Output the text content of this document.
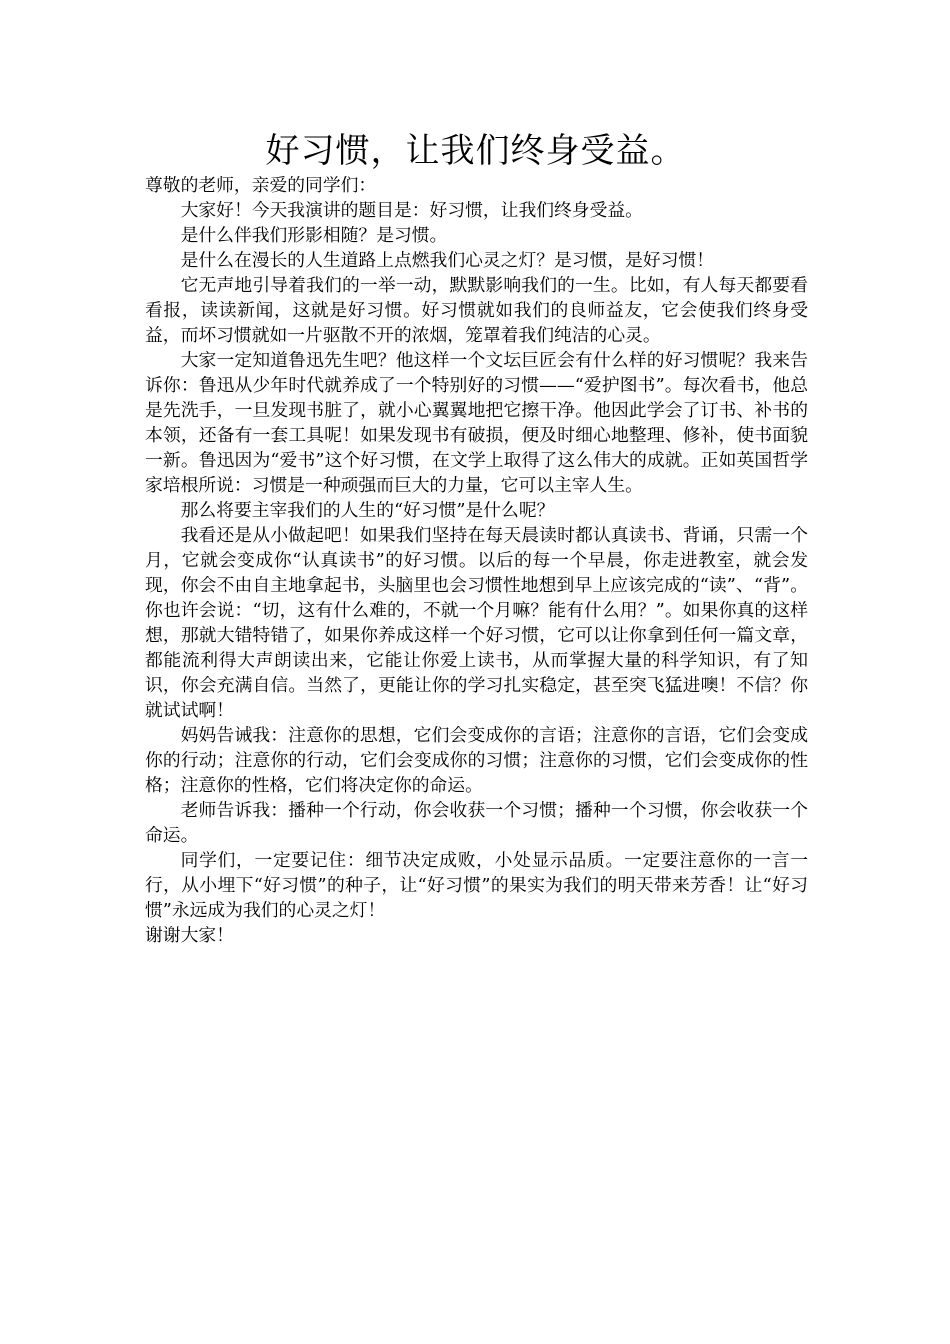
好习惯，让我们终身受益。

尊敬的老师，亲爱的同学们：

大家好！今天我演讲的题目是：好习惯，让我们终身受益。

是什么伴我们形影相随？是习惯。

是什么在漫长的人生道路上点燃我们心灵之灯？是习惯，是好习惯！

它无声地引导着我们的一举一动，默默影响我们的一生。比如，有人每天都要看看报，读读新闻，这就是好习惯。好习惯就如我们的良师益友，它会使我们终身受益，而坏习惯就如一片驱散不开的浓烟，笼罩着我们纯洁的心灵。

大家一定知道鲁迅先生吧？他这样一个文坛巨匠会有什么样的好习惯呢？我来告诉你：鲁迅从少年时代就养成了一个特别好的习惯——“爱护图书”。每次看书，他总是先洗手，一旦发现书脏了，就小心翼翼地把它擦干净。他因此学会了订书、补书的本领，还备有一套工具呢！如果发现书有破损，便及时细心地整理、修补，使书面貌一新。鲁迅因为“爱书”这个好习惯，在文学上取得了这么伟大的成就。正如英国哲学家培根所说：习惯是一种顽强而巨大的力量，它可以主宰人生。

那么将要主宰我们的人生的“好习惯”是什么呢？

我看还是从小做起吧！如果我们坚持在每天晨读时都认真读书、背诵，只需一个月，它就会变成你“认真读书”的好习惯。以后的每一个早晨，你走进教室，就会发现，你会不由自主地拿起书，头脑里也会习惯性地想到早上应该完成的“读”、“背”。你也许会说：“切，这有什么难的，不就一个月嘛？能有什么用？”。如果你真的这样想，那就大错特错了，如果你养成这样一个好习惯，它可以让你拿到任何一篇文章，都能流利得大声朗读出来，它能让你爱上读书，从而掌握大量的科学知识，有了知识，你会充满自信。当然了，更能让你的学习扎实稳定，甚至突飞猛进噢！不信？你就试试啊！

妈妈告诫我：注意你的思想，它们会变成你的言语；注意你的言语，它们会变成你的行动；注意你的行动，它们会变成你的习惯；注意你的习惯，它们会变成你的性格；注意你的性格，它们将决定你的命运。

老师告诉我：播种一个行动，你会收获一个习惯；播种一个习惯，你会收获一个命运。

同学们，一定要记住：细节决定成败，小处显示品质。一定要注意你的一言一行，从小埋下“好习惯”的种子，让“好习惯”的果实为我们的明天带来芳香！让“好习惯”永远成为我们的心灵之灯！

谢谢大家！
